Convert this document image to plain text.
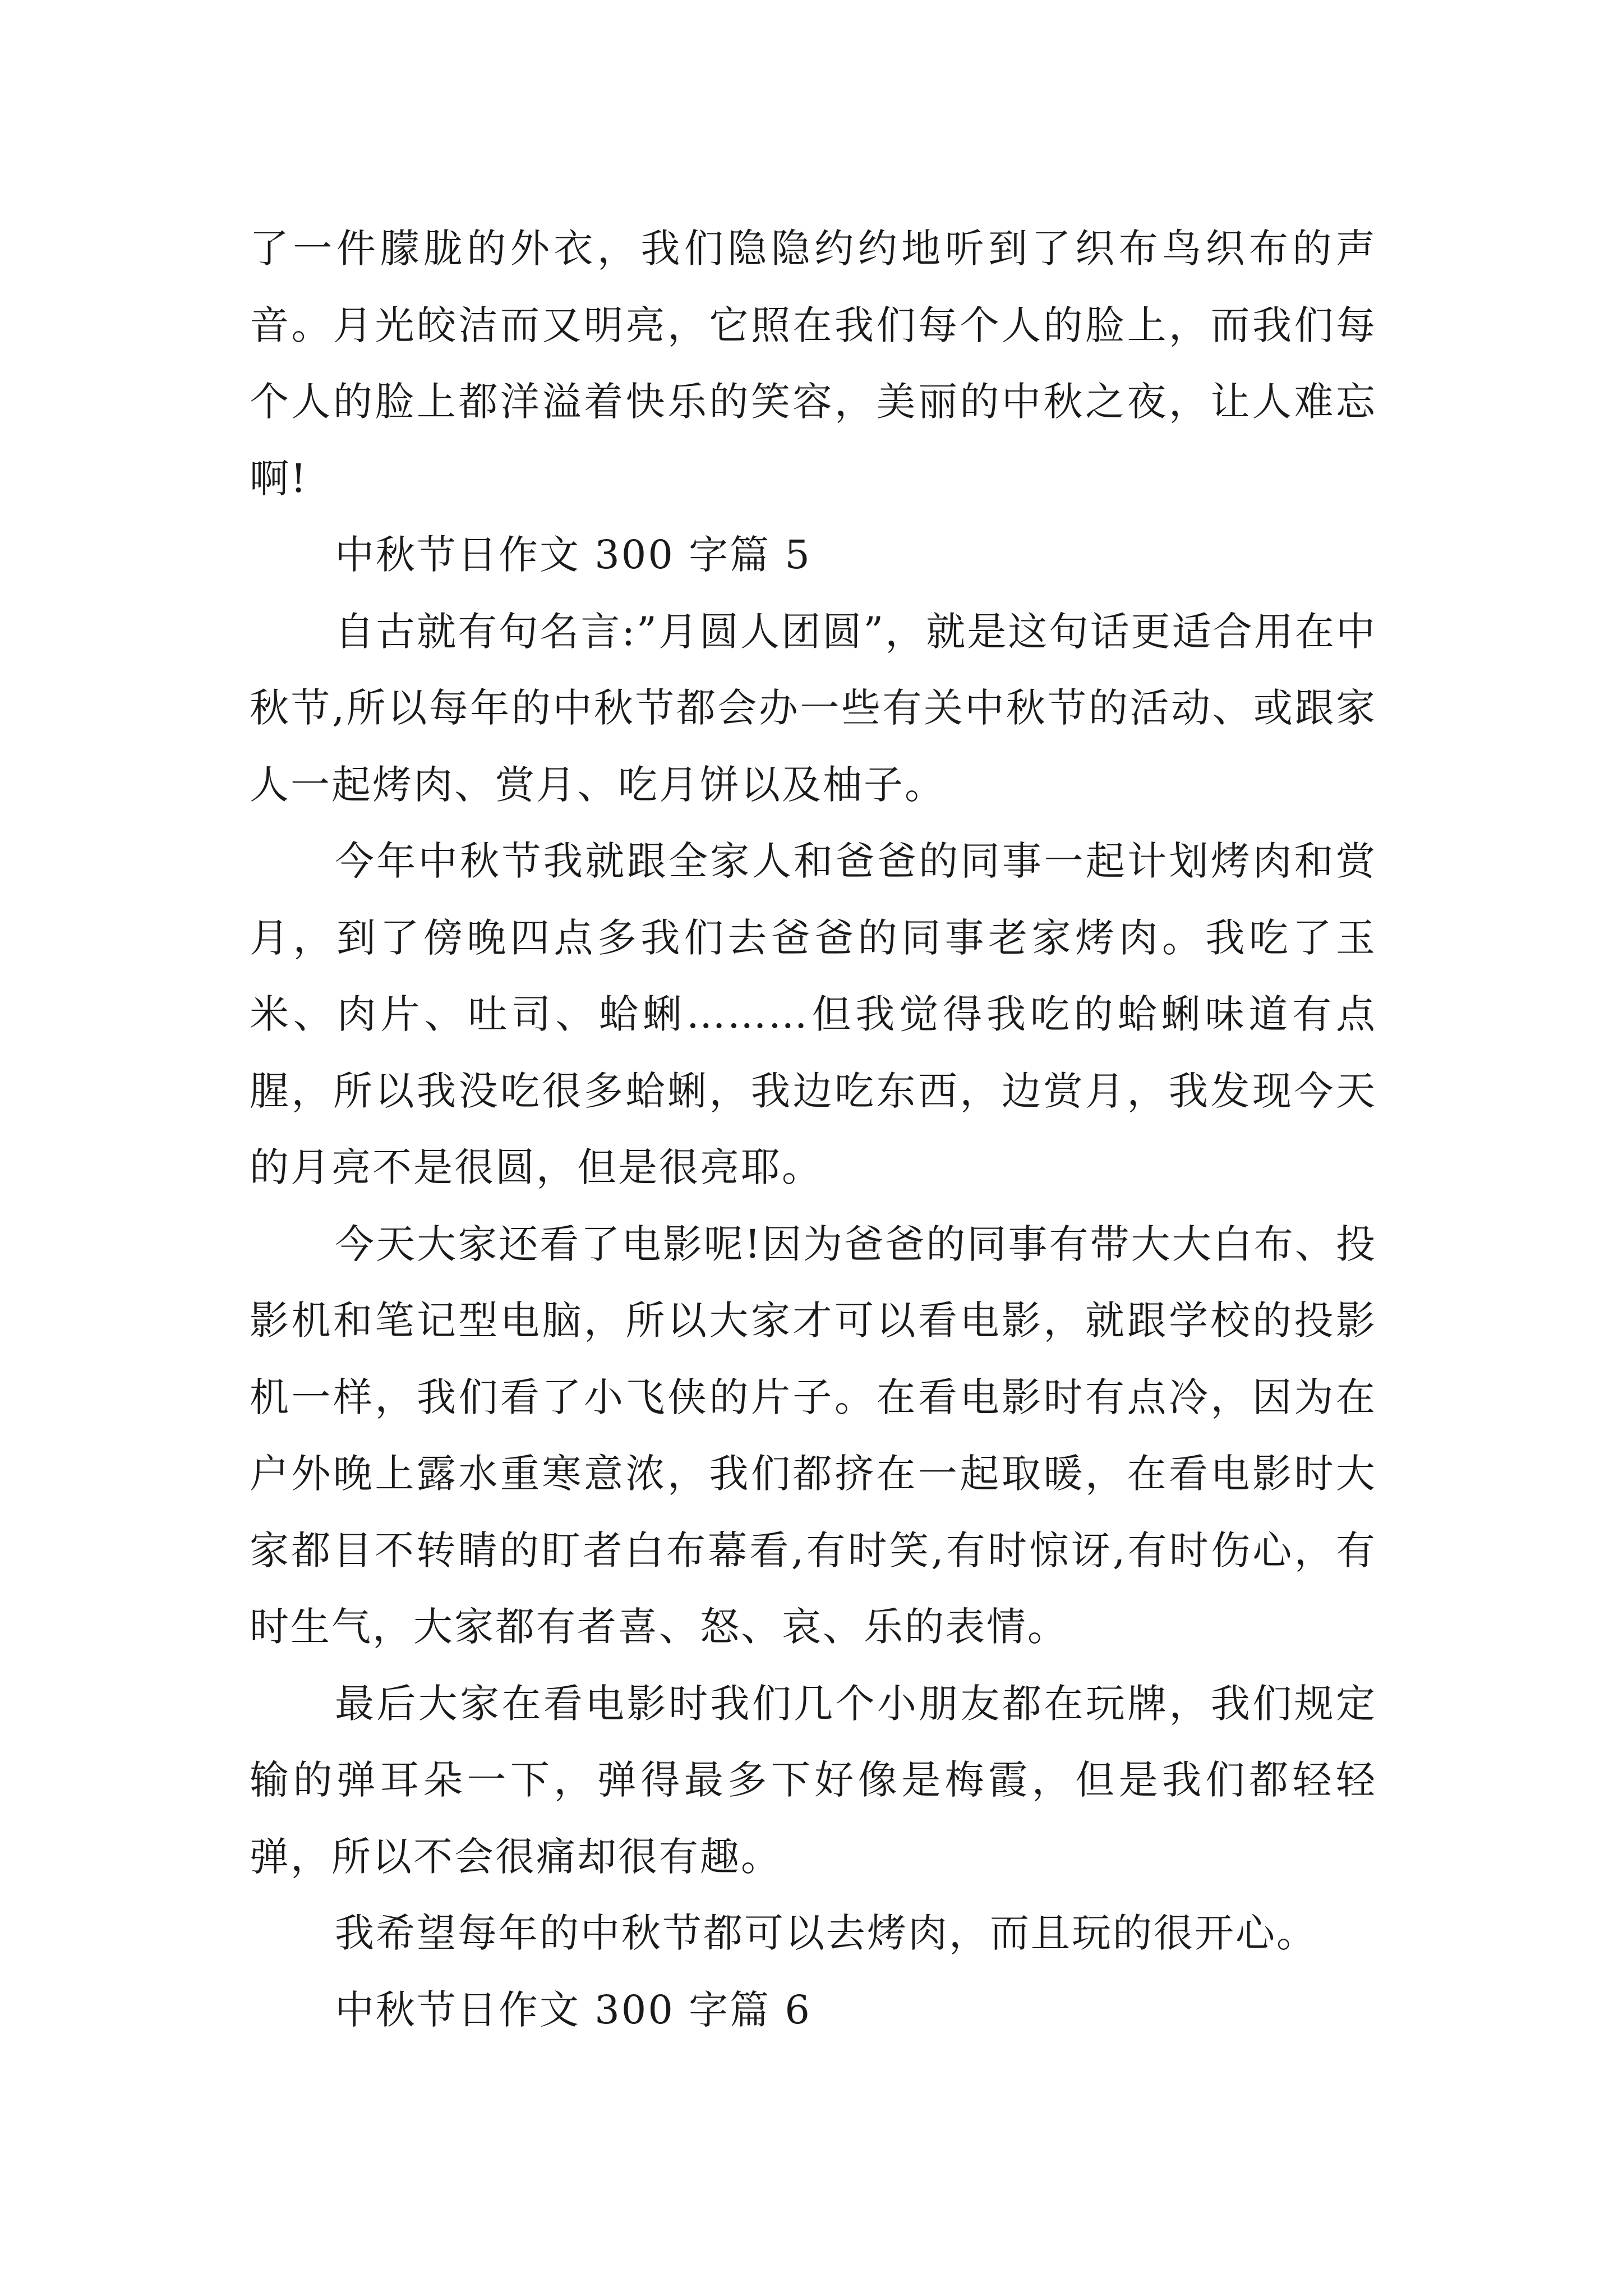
了一件朦胧的外衣，我们隐隐约约地听到了织布鸟织布的声音。月光皎洁而又明亮，它照在我们每个人的脸上，而我们每个人的脸上都洋溢着快乐的笑容，美丽的中秋之夜，让人难忘啊!

中秋节日作文 300 字篇 5

自古就有句名言:”月圆人团圆”，就是这句话更适合用在中秋节,所以每年的中秋节都会办一些有关中秋节的活动、或跟家人一起烤肉、赏月、吃月饼以及柚子。

今年中秋节我就跟全家人和爸爸的同事一起计划烤肉和赏月，到了傍晚四点多我们去爸爸的同事老家烤肉。我吃了玉米、肉片、吐司、蛤蜊………但我觉得我吃的蛤蜊味道有点腥，所以我没吃很多蛤蜊，我边吃东西，边赏月，我发现今天的月亮不是很圆，但是很亮耶。

今天大家还看了电影呢!因为爸爸的同事有带大大白布、投影机和笔记型电脑，所以大家才可以看电影，就跟学校的投影机一样，我们看了小飞侠的片子。在看电影时有点冷，因为在户外晚上露水重寒意浓，我们都挤在一起取暖，在看电影时大家都目不转睛的盯者白布幕看,有时笑,有时惊讶,有时伤心，有时生气，大家都有者喜、怒、哀、乐的表情。

最后大家在看电影时我们几个小朋友都在玩牌，我们规定输的弹耳朵一下，弹得最多下好像是梅霞，但是我们都轻轻弹，所以不会很痛却很有趣。

我希望每年的中秋节都可以去烤肉，而且玩的很开心。

中秋节日作文 300 字篇 6
